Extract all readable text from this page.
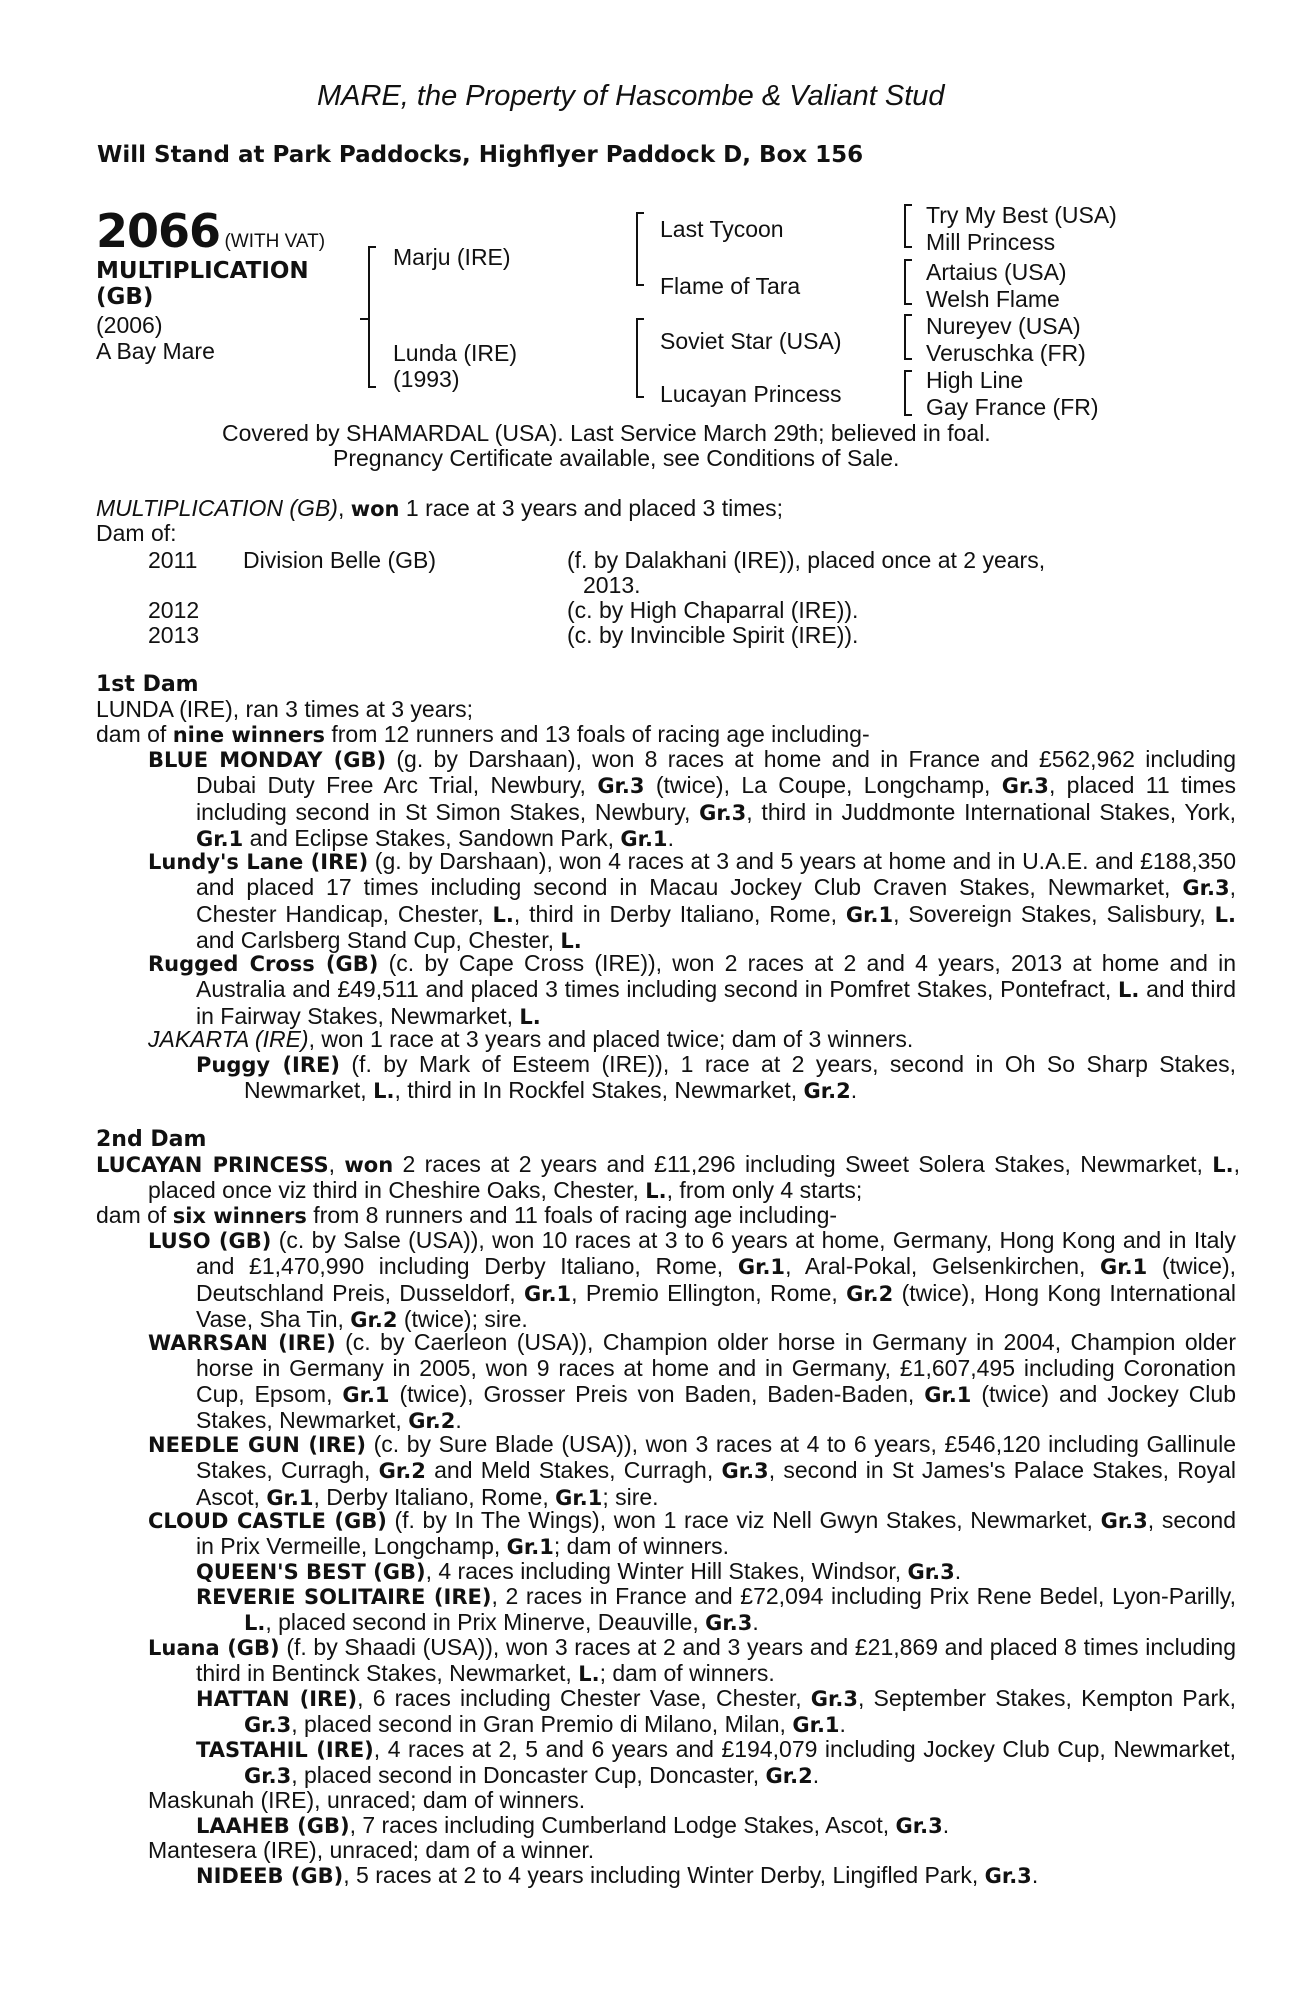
MARE, the Property of Hascombe & Valiant Stud
Will Stand at Park Paddocks, Highflyer Paddock D, Box 156
2066 (WITH VAT)
MULTIPLICATION
(GB)
(2006)
A Bay Mare
Marju (IRE)
Lunda (IRE)
(1993)
Last Tycoon
Flame of Tara
Soviet Star (USA)
Lucayan Princess
Try My Best (USA)
Mill Princess
Artaius (USA)
Welsh Flame
Nureyev (USA)
Veruschka (FR)
High Line
Gay France (FR)
Covered by SHAMARDAL (USA). Last Service March 29th; believed in foal.
Pregnancy Certificate available, see Conditions of Sale.
MULTIPLICATION (GB), won 1 race at 3 years and placed 3 times;
Dam of:
2011 Division Belle (GB)	(f. by Dalakhani (IRE)), placed once at 2 years,
2013.
2012	(c. by High Chaparral (IRE)).
2013	(c. by Invincible Spirit (IRE)).
1st Dam
LUNDA (IRE), ran 3 times at 3 years;
dam of nine winners from 12 runners and 13 foals of racing age including-
BLUE MONDAY (GB) (g. by Darshaan), won 8 races at home and in France and £562,962 including Dubai Duty Free Arc Trial, Newbury, Gr.3 (twice), La Coupe, Longchamp, Gr.3, placed 11 times including second in St Simon Stakes, Newbury, Gr.3, third in Juddmonte International Stakes, York, Gr.1 and Eclipse Stakes, Sandown Park, Gr.1.
Lundy's Lane (IRE) (g. by Darshaan), won 4 races at 3 and 5 years at home and in U.A.E. and £188,350 and placed 17 times including second in Macau Jockey Club Craven Stakes, Newmarket, Gr.3, Chester Handicap, Chester, L., third in Derby Italiano, Rome, Gr.1, Sovereign Stakes, Salisbury, L. and Carlsberg Stand Cup, Chester, L.
Rugged Cross (GB) (c. by Cape Cross (IRE)), won 2 races at 2 and 4 years, 2013 at home and in Australia and £49,511 and placed 3 times including second in Pomfret Stakes, Pontefract, L. and third in Fairway Stakes, Newmarket, L.
JAKARTA (IRE), won 1 race at 3 years and placed twice; dam of 3 winners.
Puggy (IRE) (f. by Mark of Esteem (IRE)), 1 race at 2 years, second in Oh So Sharp Stakes, Newmarket, L., third in In Rockfel Stakes, Newmarket, Gr.2.
2nd Dam
LUCAYAN PRINCESS, won 2 races at 2 years and £11,296 including Sweet Solera Stakes, Newmarket, L., placed once viz third in Cheshire Oaks, Chester, L., from only 4 starts;
dam of six winners from 8 runners and 11 foals of racing age including-
LUSO (GB) (c. by Salse (USA)), won 10 races at 3 to 6 years at home, Germany, Hong Kong and in Italy and £1,470,990 including Derby Italiano, Rome, Gr.1, Aral-Pokal, Gelsenkirchen, Gr.1 (twice), Deutschland Preis, Dusseldorf, Gr.1, Premio Ellington, Rome, Gr.2 (twice), Hong Kong International Vase, Sha Tin, Gr.2 (twice); sire.
WARRSAN (IRE) (c. by Caerleon (USA)), Champion older horse in Germany in 2004, Champion older horse in Germany in 2005, won 9 races at home and in Germany, £1,607,495 including Coronation Cup, Epsom, Gr.1 (twice), Grosser Preis von Baden, Baden-Baden, Gr.1 (twice) and Jockey Club Stakes, Newmarket, Gr.2.
NEEDLE GUN (IRE) (c. by Sure Blade (USA)), won 3 races at 4 to 6 years, £546,120 including Gallinule Stakes, Curragh, Gr.2 and Meld Stakes, Curragh, Gr.3, second in St James's Palace Stakes, Royal Ascot, Gr.1, Derby Italiano, Rome, Gr.1; sire.
CLOUD CASTLE (GB) (f. by In The Wings), won 1 race viz Nell Gwyn Stakes, Newmarket, Gr.3, second in Prix Vermeille, Longchamp, Gr.1; dam of winners.
QUEEN'S BEST (GB), 4 races including Winter Hill Stakes, Windsor, Gr.3.
REVERIE SOLITAIRE (IRE), 2 races in France and £72,094 including Prix Rene Bedel, Lyon-Parilly, L., placed second in Prix Minerve, Deauville, Gr.3.
Luana (GB) (f. by Shaadi (USA)), won 3 races at 2 and 3 years and £21,869 and placed 8 times including third in Bentinck Stakes, Newmarket, L.; dam of winners.
HATTAN (IRE), 6 races including Chester Vase, Chester, Gr.3, September Stakes, Kempton Park, Gr.3, placed second in Gran Premio di Milano, Milan, Gr.1.
TASTAHIL (IRE), 4 races at 2, 5 and 6 years and £194,079 including Jockey Club Cup, Newmarket, Gr.3, placed second in Doncaster Cup, Doncaster, Gr.2.
Maskunah (IRE), unraced; dam of winners.
LAAHEB (GB), 7 races including Cumberland Lodge Stakes, Ascot, Gr.3.
Mantesera (IRE), unraced; dam of a winner.
NIDEEB (GB), 5 races at 2 to 4 years including Winter Derby, Lingifled Park, Gr.3.
